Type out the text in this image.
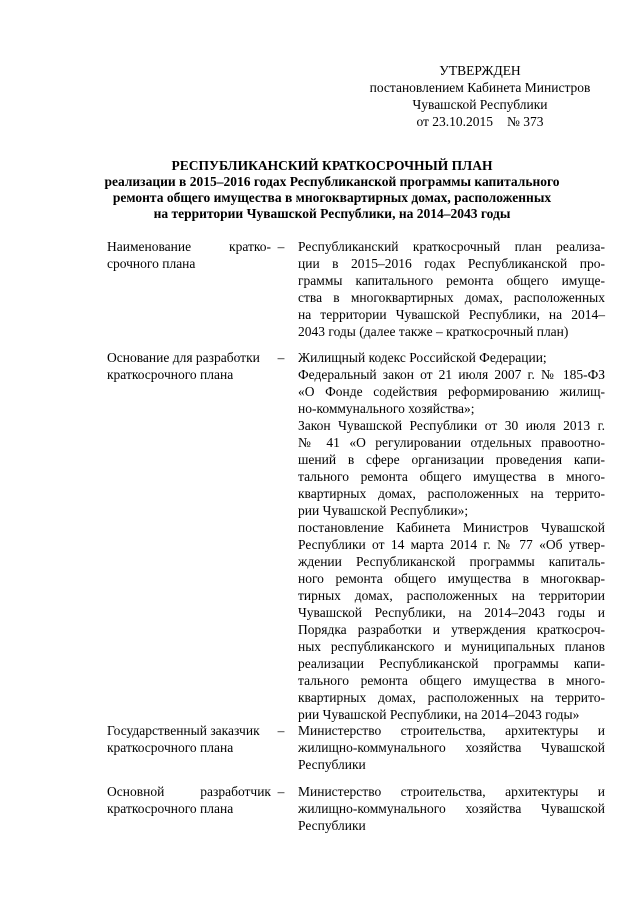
УТВЕРЖДЕН
постановлением Кабинета Министров
Чувашской Республики
от 23.10.2015 № 373
РЕСПУБЛИКАНСКИЙ КРАТКОСРОЧНЫЙ ПЛАН
реализации в 2015–2016 годах Республиканской программы капитального
ремонта общего имущества в многоквартирных домах, расположенных
на территории Чувашской Республики, на 2014–2043 годы
Наименование кратко-
срочного плана
– Республиканский краткосрочный план реализа-
ции в 2015–2016 годах Республиканской про-
граммы капитального ремонта общего имуще-
ства в многоквартирных домах, расположенных
на территории Чувашской Республики, на 2014–
2043 годы (далее также – краткосрочный план)
Основание для разработки
краткосрочного плана
– Жилищный кодекс Российской Федерации;
Федеральный закон от 21 июля 2007 г. № 185-ФЗ
«О Фонде содействия реформированию жилищ-
но-коммунального хозяйства»;
Закон Чувашской Республики от 30 июля 2013 г.
№ 41 «О регулировании отдельных правоотно-
шений в сфере организации проведения капи-
тального ремонта общего имущества в много-
квартирных домах, расположенных на террито-
рии Чувашской Республики»;
постановление Кабинета Министров Чувашской
Республики от 14 марта 2014 г. № 77 «Об утвер-
ждении Республиканской программы капиталь-
ного ремонта общего имущества в многоквар-
тирных домах, расположенных на территории
Чувашской Республики, на 2014–2043 годы и
Порядка разработки и утверждения краткосроч-
ных республиканского и муниципальных планов
реализации Республиканской программы капи-
тального ремонта общего имущества в много-
квартирных домах, расположенных на террито-
рии Чувашской Республики, на 2014–2043 годы»
Государственный заказчик
краткосрочного плана
– Министерство строительства, архитектуры и
жилищно-коммунального хозяйства Чувашской
Республики
Основной разработчик
краткосрочного плана
– Министерство строительства, архитектуры и
жилищно-коммунального хозяйства Чувашской
Республики
